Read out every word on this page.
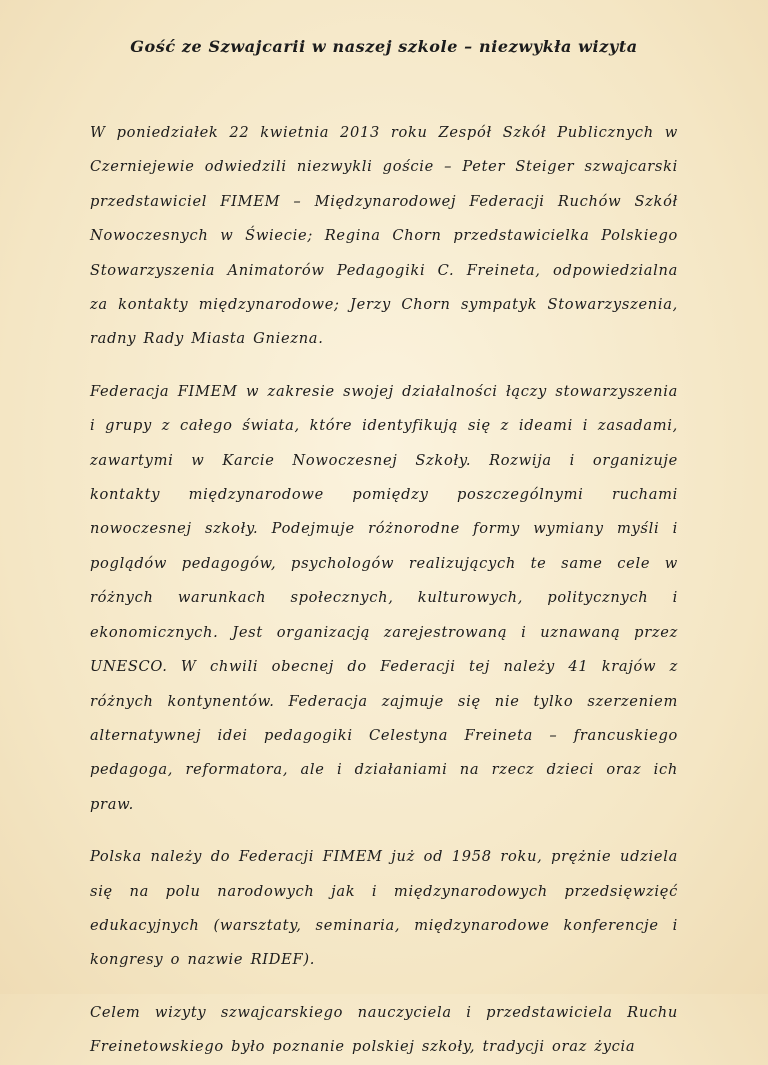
Gość ze Szwajcarii w naszej szkole – niezwykła wizyta

W poniedziałek 22 kwietnia 2013 roku Zespół Szkół Publicznych w Czerniejewie odwiedzili niezwykli goście – Peter Steiger szwajcarski przedstawiciel FIMEM – Międzynarodowej Federacji Ruchów Szkół Nowoczesnych w Świecie; Regina Chorn przedstawicielka Polskiego Stowarzyszenia Animatorów Pedagogiki C. Freineta, odpowiedzialna za kontakty międzynarodowe; Jerzy Chorn sympatyk Stowarzyszenia, radny Rady Miasta Gniezna.

Federacja FIMEM w zakresie swojej działalności łączy stowarzyszenia i grupy z całego świata, które identyfikują się z ideami i zasadami, zawartymi w Karcie Nowoczesnej Szkoły. Rozwija i organizuje kontakty międzynarodowe pomiędzy poszczególnymi ruchami nowoczesnej szkoły. Podejmuje różnorodne formy wymiany myśli i poglądów pedagogów, psychologów realizujących te same cele w różnych warunkach społecznych, kulturowych, politycznych i ekonomicznych. Jest organizacją zarejestrowaną i uznawaną przez UNESCO. W chwili obecnej do Federacji tej należy 41 krajów z różnych kontynentów. Federacja zajmuje się nie tylko szerzeniem alternatywnej idei pedagogiki Celestyna Freineta – francuskiego pedagoga, reformatora, ale i działaniami na rzecz dzieci oraz ich praw.

Polska należy do Federacji FIMEM już od 1958 roku, prężnie udziela się na polu narodowych jak i międzynarodowych przedsięwzięć edukacyjnych (warsztaty, seminaria, międzynarodowe konferencje i kongresy o nazwie RIDEF).

Celem wizyty szwajcarskiego nauczyciela i przedstawiciela Ruchu Freinetowskiego było poznanie polskiej szkoły, tradycji oraz życia
